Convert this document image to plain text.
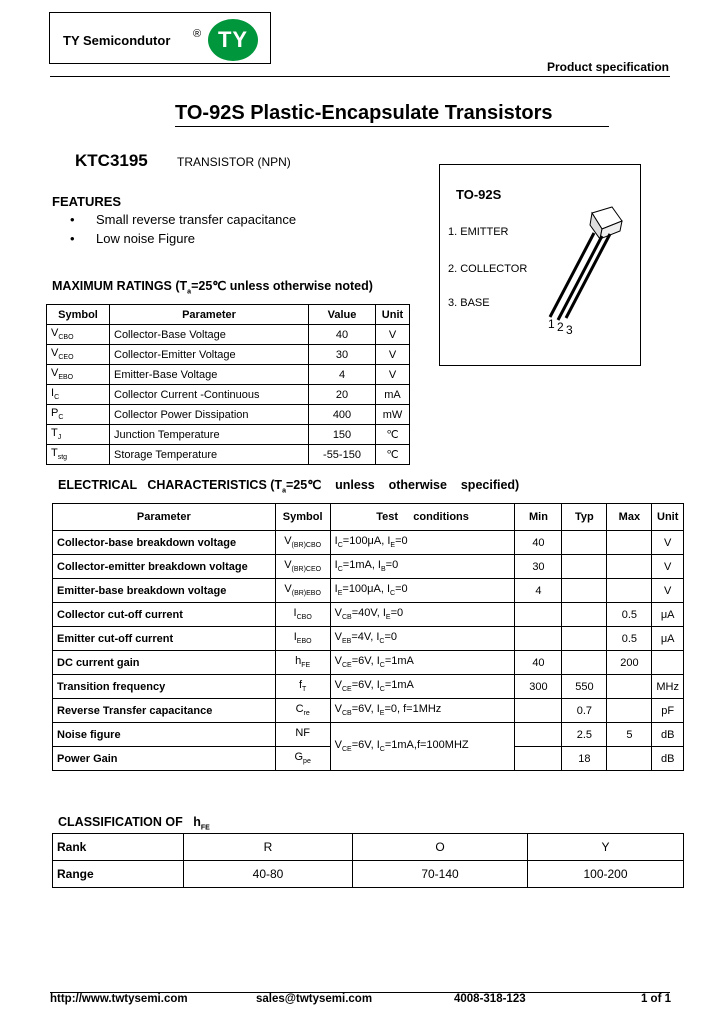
TY Semicondutor ® TY
Product specification
TO-92S Plastic-Encapsulate Transistors
KTC3195 TRANSISTOR (NPN)
FEATURES
• Small reverse transfer capacitance
• Low noise Figure
TO-92S
1. EMITTER
2. COLLECTOR
3. BASE
1 2 3
MAXIMUM RATINGS ($T_a=25℃$ unless otherwise noted)
Symbol	Parameter	Value	Unit
$V_{CBO}$	Collector-Base Voltage	40	V
$V_{CEO}$	Collector-Emitter Voltage	30	V
$V_{EBO}$	Emitter-Base Voltage	4	V
$I_C$	Collector Current -Continuous	20	mA
$P_C$	Collector Power Dissipation	400	mW
$T_J$	Junction Temperature	150	℃
$T_{stg}$	Storage Temperature	-55-150	℃
ELECTRICAL   CHARACTERISTICS ($T_a=25℃$    unless    otherwise    specified)
Parameter	Symbol	Test     conditions	Min	Typ	Max	Unit
Collector-base breakdown voltage	$V_{(BR)CBO}$	$I_C=100\mu A$, $I_E=0$	40			V
Collector-emitter breakdown voltage	$V_{(BR)CEO}$	$I_C=1mA$, $I_B=0$	30			V
Emitter-base breakdown voltage	$V_{(BR)EBO}$	$I_E=100\mu A$, $I_C=0$	4			V
Collector cut-off current	$I_{CBO}$	$V_{CB}=40V$, $I_E=0$			0.5	μA
Emitter cut-off current	$I_{EBO}$	$V_{EB}=4V$, $I_C=0$			0.5	μA
DC current gain	$h_{FE}$	$V_{CE}=6V$, $I_C=1mA$	40		200	
Transition frequency	$f_T$	$V_{CE}=6V$, $I_C=1mA$	300	550		MHz
Reverse Transfer capacitance	$C_{re}$	$V_{CB}=6V$, $I_E=0$, f=1MHz		0.7		pF
Noise figure	NF	$V_{CE}=6V$, $I_C=1mA,f=100MHZ$		2.5	5	dB
Power Gain	$G_{pe}$			18		dB
CLASSIFICATION OF $h_{FE}$
Rank	R	O	Y
Range	40-80	70-140	100-200
http://www.twtysemi.com	sales@twtysemi.com	4008-318-123	1 of 1
